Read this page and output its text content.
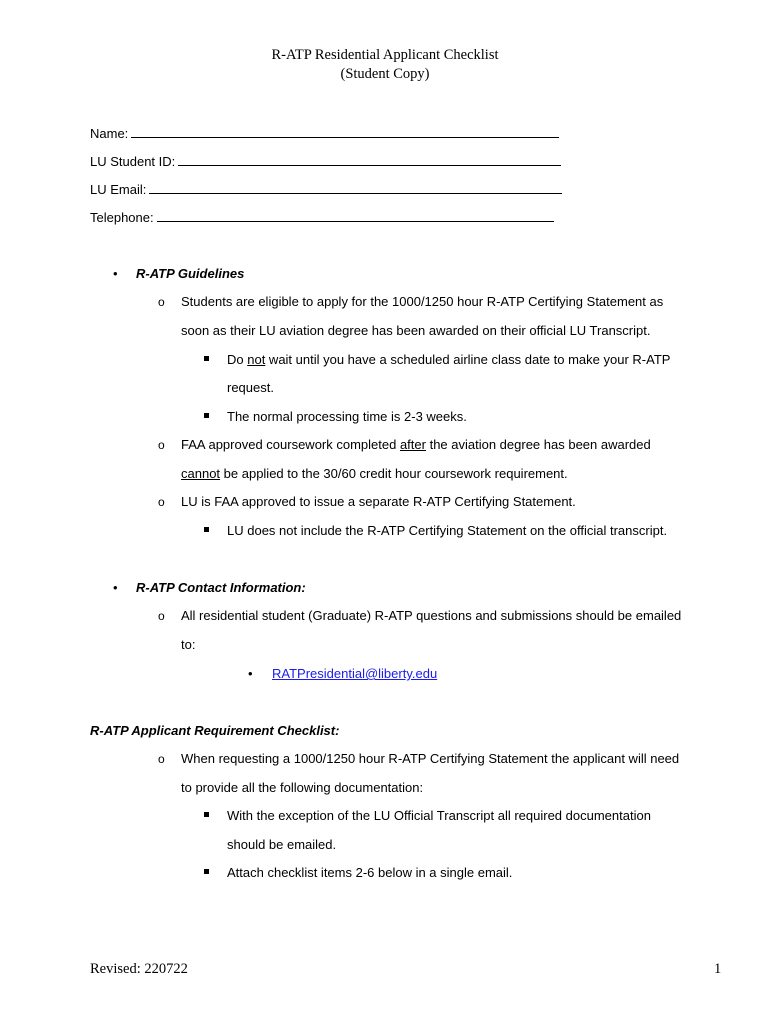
R-ATP Residential Applicant Checklist
(Student Copy)
Name:
LU Student ID:
LU Email:
Telephone:
• R-ATP Guidelines
o Students are eligible to apply for the 1000/1250 hour R-ATP Certifying Statement as
soon as their LU aviation degree has been awarded on their official LU Transcript.
Do not wait until you have a scheduled airline class date to make your R-ATP
request.
The normal processing time is 2-3 weeks.
o FAA approved coursework completed after the aviation degree has been awarded
cannot be applied to the 30/60 credit hour coursework requirement.
o LU is FAA approved to issue a separate R-ATP Certifying Statement.
LU does not include the R-ATP Certifying Statement on the official transcript.
• R-ATP Contact Information:
o All residential student (Graduate) R-ATP questions and submissions should be emailed
to:
• RATPresidential@liberty.edu
R-ATP Applicant Requirement Checklist:
o When requesting a 1000/1250 hour R-ATP Certifying Statement the applicant will need
to provide all the following documentation:
With the exception of the LU Official Transcript all required documentation
should be emailed.
Attach checklist items 2-6 below in a single email.
Revised: 220722	1
